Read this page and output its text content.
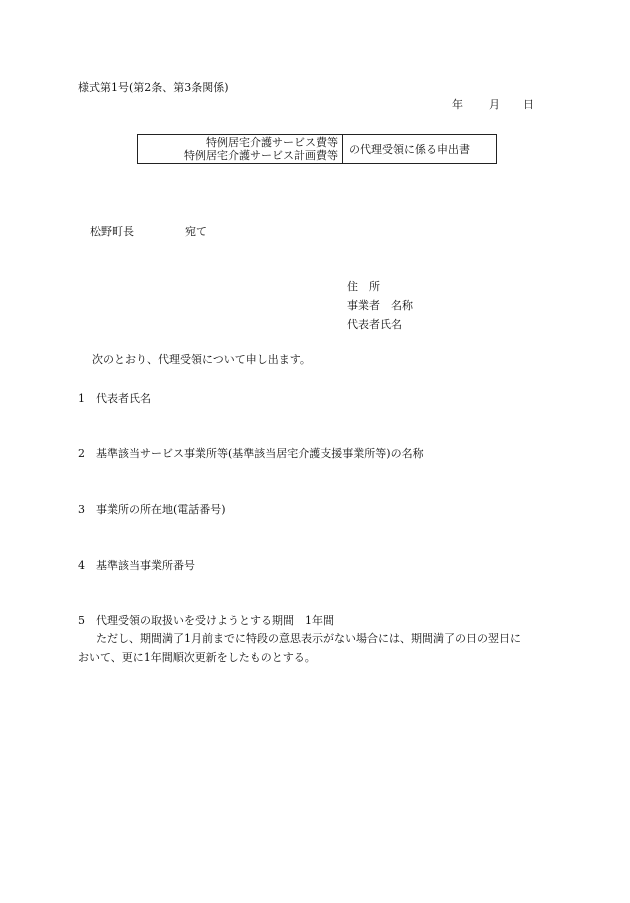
様式第1号(第2条、第3条関係)
年 月 日
特例居宅介護サービス費等
特例居宅介護サービス計画費等	の代理受領に係る申出書
松野町長	宛て
住　所
事業者　名称
代表者氏名
次のとおり、代理受領について申し出ます。
1 代表者氏名
2 基準該当サービス事業所等(基準該当居宅介護支援事業所等)の名称
3 事業所の所在地(電話番号)
4 基準該当事業所番号
5 代理受領の取扱いを受けようとする期間　1年間
ただし、期間満了1月前までに特段の意思表示がない場合には、期間満了の日の翌日に
おいて、更に1年間順次更新をしたものとする。
